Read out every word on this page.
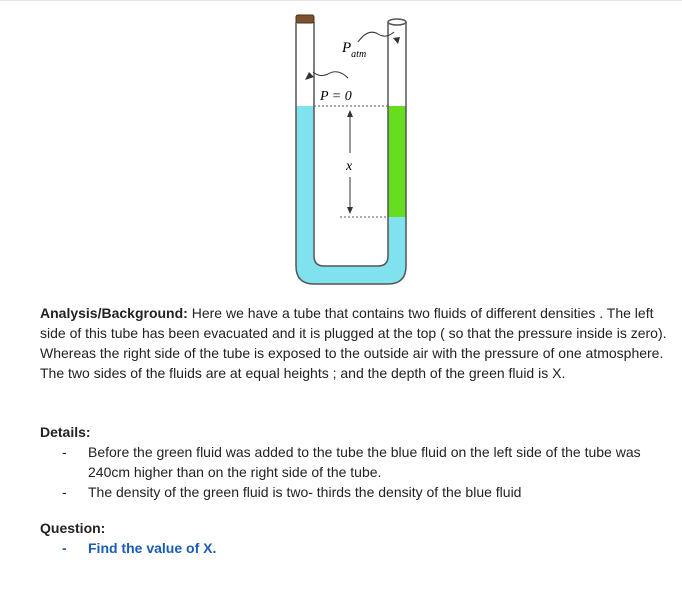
$P_{atm}$
P = 0
x

Analysis/Background: Here we have a tube that contains two fluids of different densities . The left side of this tube has been evacuated and it is plugged at the top ( so that the pressure inside is zero). Whereas the right side of the tube is exposed to the outside air with the pressure of one atmosphere. The two sides of the fluids are at equal heights ; and the depth of the green fluid is X.

Details:

- Before the green fluid was added to the tube the blue fluid on the left side of the tube was 240cm higher than on the right side of the tube.
- The density of the green fluid is two- thirds the density of the blue fluid

Question:

- Find the value of X.
